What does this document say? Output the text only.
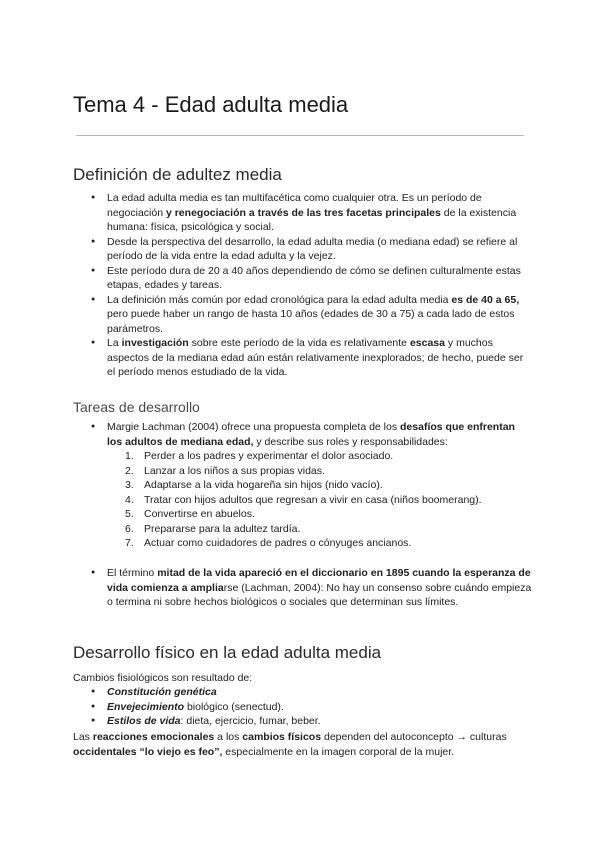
Tema 4 - Edad adulta media
Definición de adultez media
● La edad adulta media es tan multifacética como cualquier otra. Es un período de negociación y renegociación a través de las tres facetas principales de la existencia humana: física, psicológica y social.
● Desde la perspectiva del desarrollo, la edad adulta media (o mediana edad) se refiere al período de la vida entre la edad adulta y la vejez.
● Este período dura de 20 a 40 años dependiendo de cómo se definen culturalmente estas etapas, edades y tareas.
● La definición más común por edad cronológica para la edad adulta media es de 40 a 65, pero puede haber un rango de hasta 10 años (edades de 30 a 75) a cada lado de estos parámetros.
● La investigación sobre este período de la vida es relativamente escasa y muchos aspectos de la mediana edad aún están relativamente inexplorados; de hecho, puede ser el período menos estudiado de la vida.
Tareas de desarrollo
● Margie Lachman (2004) ofrece una propuesta completa de los desafíos que enfrentan los adultos de mediana edad, y describe sus roles y responsabilidades:
1. Perder a los padres y experimentar el dolor asociado.
2. Lanzar a los niños a sus propias vidas.
3. Adaptarse a la vida hogareña sin hijos (nido vacío).
4. Tratar con hijos adultos que regresan a vivir en casa (niños boomerang).
5. Convertirse en abuelos.
6. Prepararse para la adultez tardía.
7. Actuar como cuidadores de padres o cónyuges ancianos.
● El término mitad de la vida apareció en el diccionario en 1895 cuando la esperanza de vida comienza a ampliarse (Lachman, 2004): No hay un consenso sobre cuándo empieza o termina ni sobre hechos biológicos o sociales que determinan sus límites.
Desarrollo físico en la edad adulta media

Cambios fisiológicos son resultado de:

● Constitución genética
● Envejecimiento biológico (senectud).
● Estilos de vida: dieta, ejercicio, fumar, beber.

Las reacciones emocionales a los cambios físicos dependen del autoconcepto → culturas occidentales “lo viejo es feo”, especialmente en la imagen corporal de la mujer.
